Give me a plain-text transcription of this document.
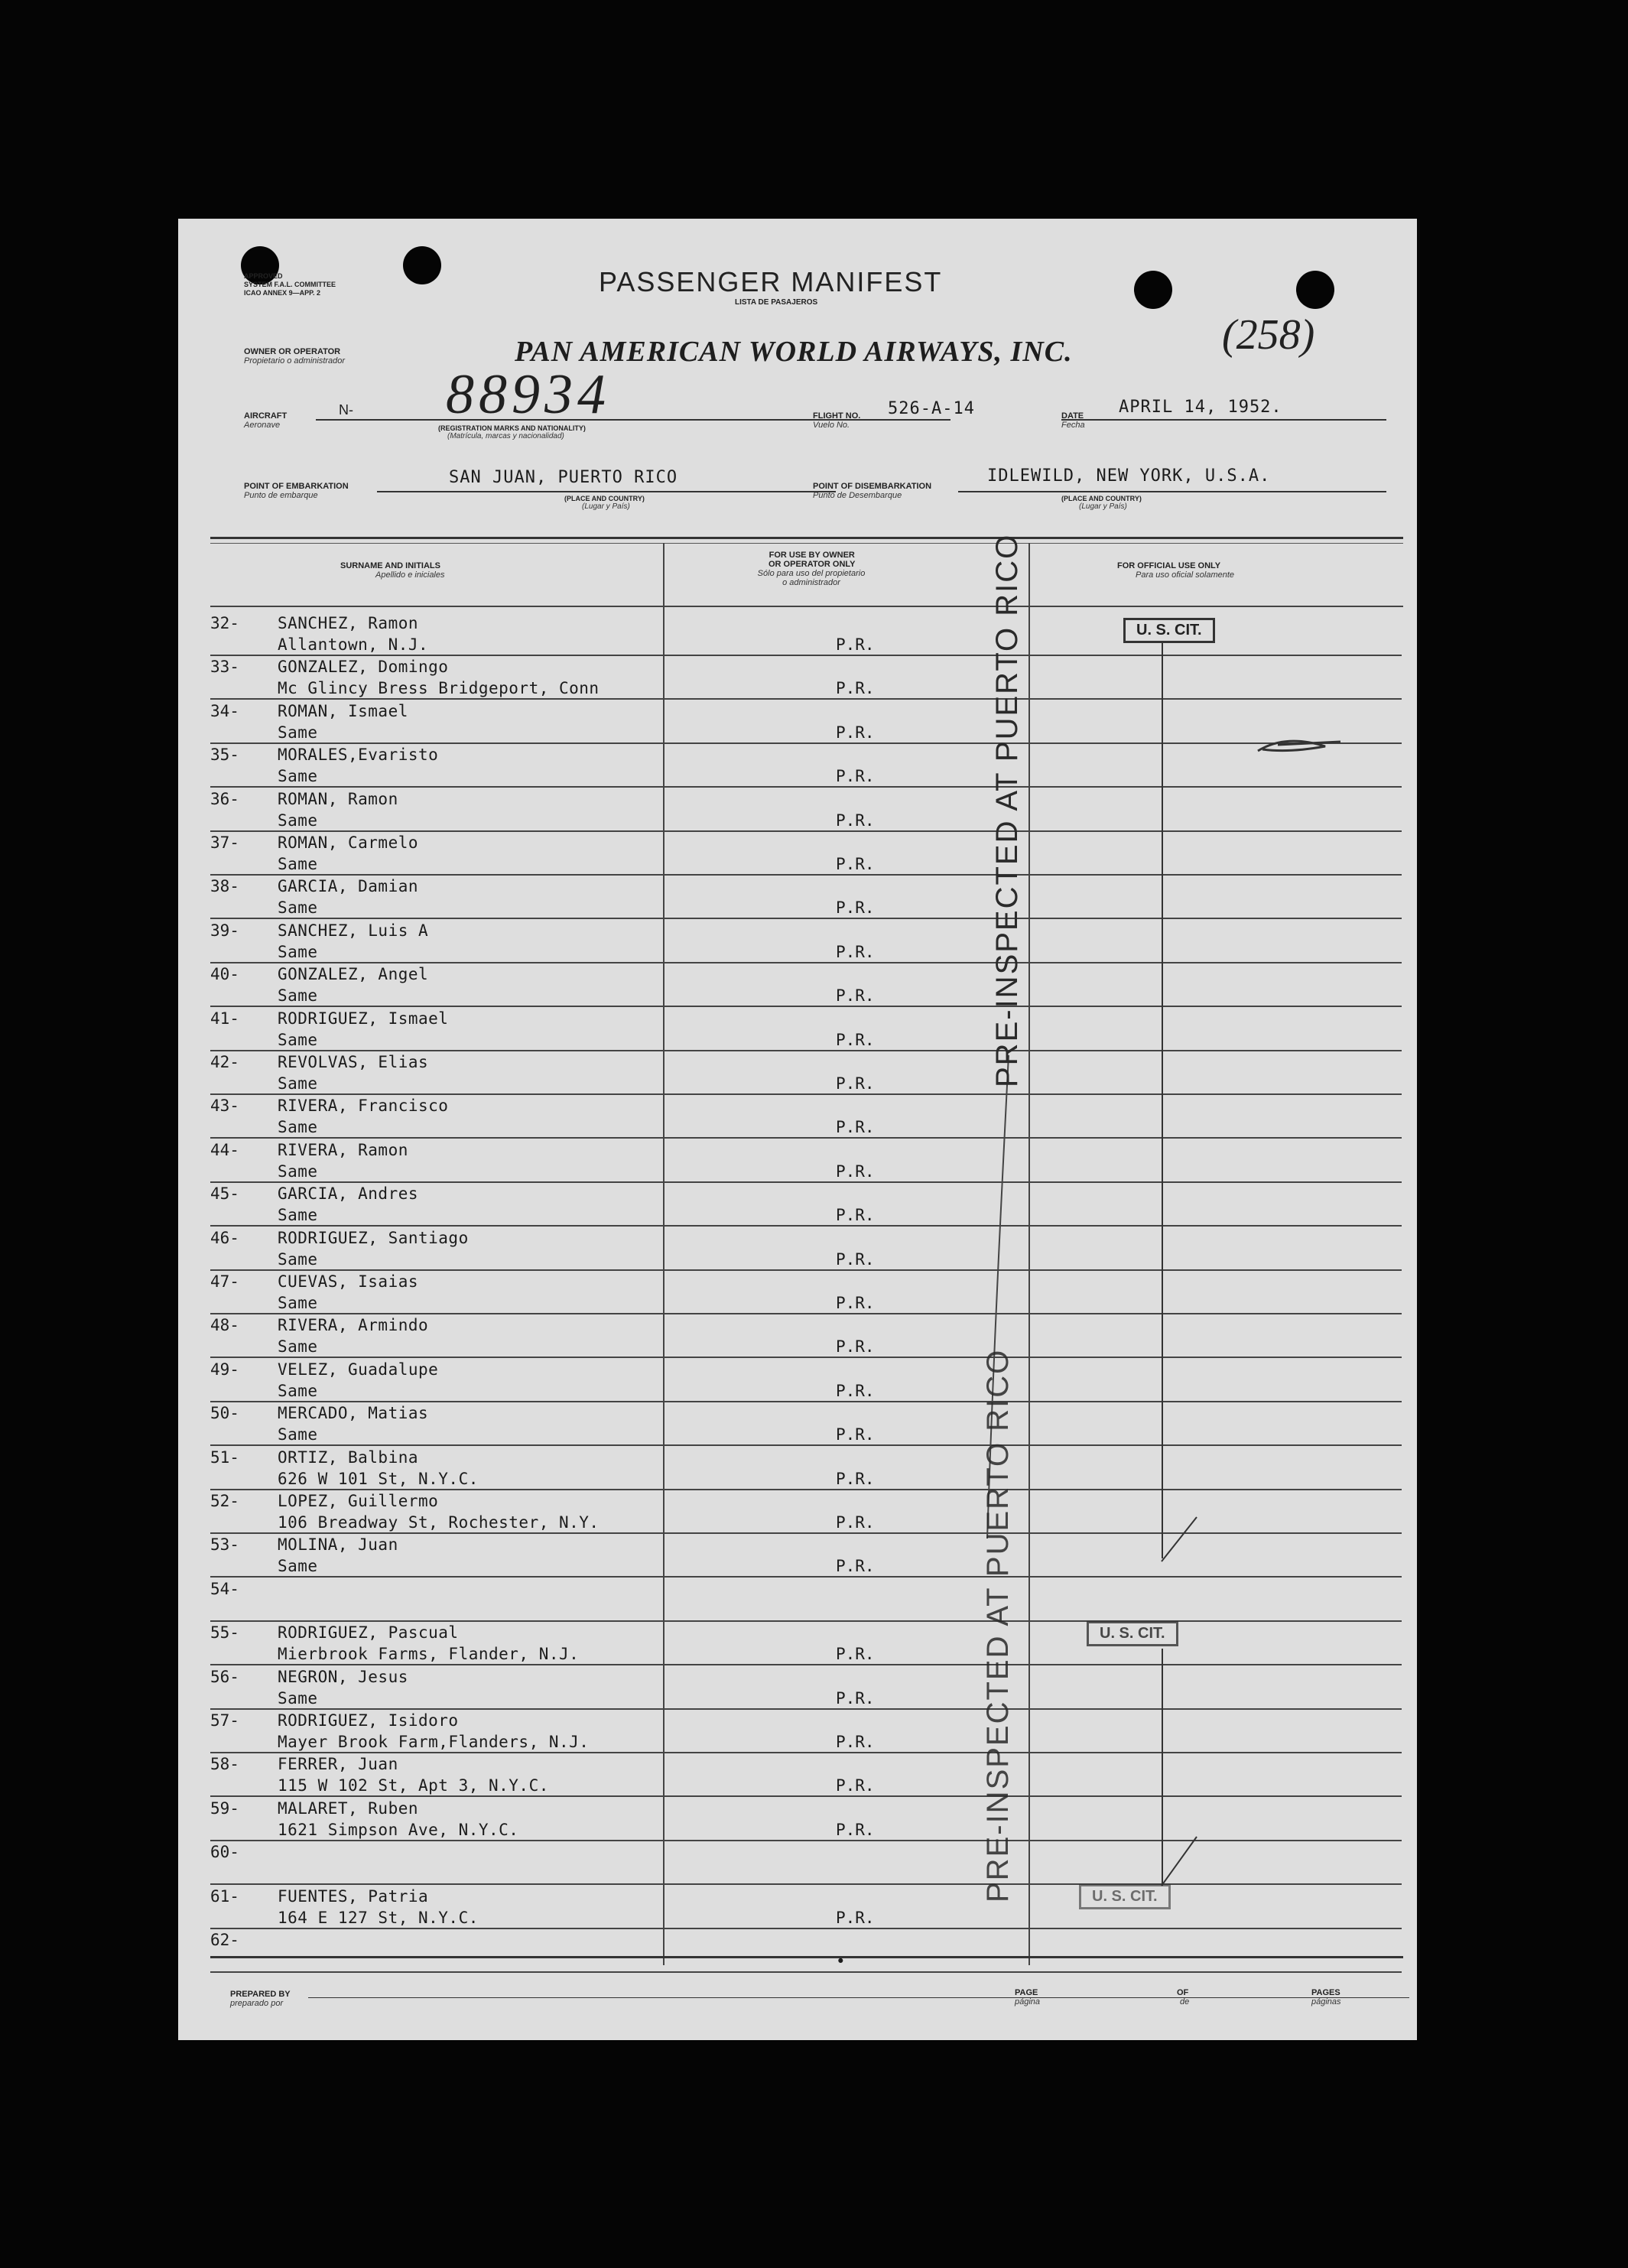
APPROVED
SYSTEM F.A.L. COMMITTEE
ICAO ANNEX 9—APP. 2	PASSENGER MANIFEST
LISTA DE PASAJEROS
OWNER OR OPERATOR
Propietario o administrador	PAN AMERICAN WORLD AIRWAYS, INC.	(258)
AIRCRAFT
Aeronave
N- 88934
(REGISTRATION MARKS AND NATIONALITY)
(Matrícula, marcas y nacionalidad)
FLIGHT NO.
Vuelo No.
526-A-14	DATE
Fecha
APRIL 14, 1952.
POINT OF EMBARKATION
Punto de embarque
SAN JUAN, PUERTO RICO
(PLACE AND COUNTRY)
(Lugar y País)
POINT OF DISEMBARKATION
Punto de Desembarque
IDLEWILD, NEW YORK, U.S.A.
(PLACE AND COUNTRY)
(Lugar y País)
SURNAME AND INITIALS
Apellido e iniciales
FOR USE BY OWNER
OR OPERATOR ONLY
Sólo para uso del propietario
o administrador
FOR OFFICIAL USE ONLY
Para uso oficial solamente
32- SANCHEZ, Ramon
Allantown, N.J.	P.R.
33- GONZALEZ, Domingo
Mc Glincy Bress Bridgeport, Conn	P.R.
34- ROMAN, Ismael
Same	P.R.
35- MORALES,Evaristo
Same	P.R.
36- ROMAN, Ramon
Same	P.R.
37- ROMAN, Carmelo
Same	P.R.
38- GARCIA, Damian
Same	P.R.
39- SANCHEZ, Luis A
Same	P.R.
40- GONZALEZ, Angel
Same	P.R.
41- RODRIGUEZ, Ismael
Same	P.R.
42- REVOLVAS, Elias
Same	P.R.
43- RIVERA, Francisco
Same	P.R.
44- RIVERA, Ramon
Same	P.R.
45- GARCIA, Andres
Same	P.R.
46- RODRIGUEZ, Santiago
Same	P.R.
47- CUEVAS, Isaias
Same	P.R.
48- RIVERA, Armindo
Same	P.R.
49- VELEZ, Guadalupe
Same	P.R.
50- MERCADO, Matias
Same	P.R.
51- ORTIZ, Balbina
626 W 101 St, N.Y.C.	P.R.
52- LOPEZ, Guillermo
106 Breadway St, Rochester, N.Y.	P.R.
53- MOLINA, Juan
Same	P.R.
54-
55- RODRIGUEZ, Pascual
Mierbrook Farms, Flander, N.J.	P.R.
56- NEGRON, Jesus
Same	P.R.
57- RODRIGUEZ, Isidoro
Mayer Brook Farm,Flanders, N.J.	P.R.
58- FERRER, Juan
115 W 102 St, Apt 3, N.Y.C.	P.R.
59- MALARET, Ruben
1621 Simpson Ave, N.Y.C.	P.R.
60-
61- FUENTES, Patria
164 E 127 St, N.Y.C.	P.R.
62-
•
U. S. CIT.
U. S. CIT.
U. S. CIT.
PRE-INSPECTED AT PUERTO RICO
PRE-INSPECTED AT PUERTO RICO
PREPARED BY
preparado por
PAGE
página
OF
de
PAGES
páginas
